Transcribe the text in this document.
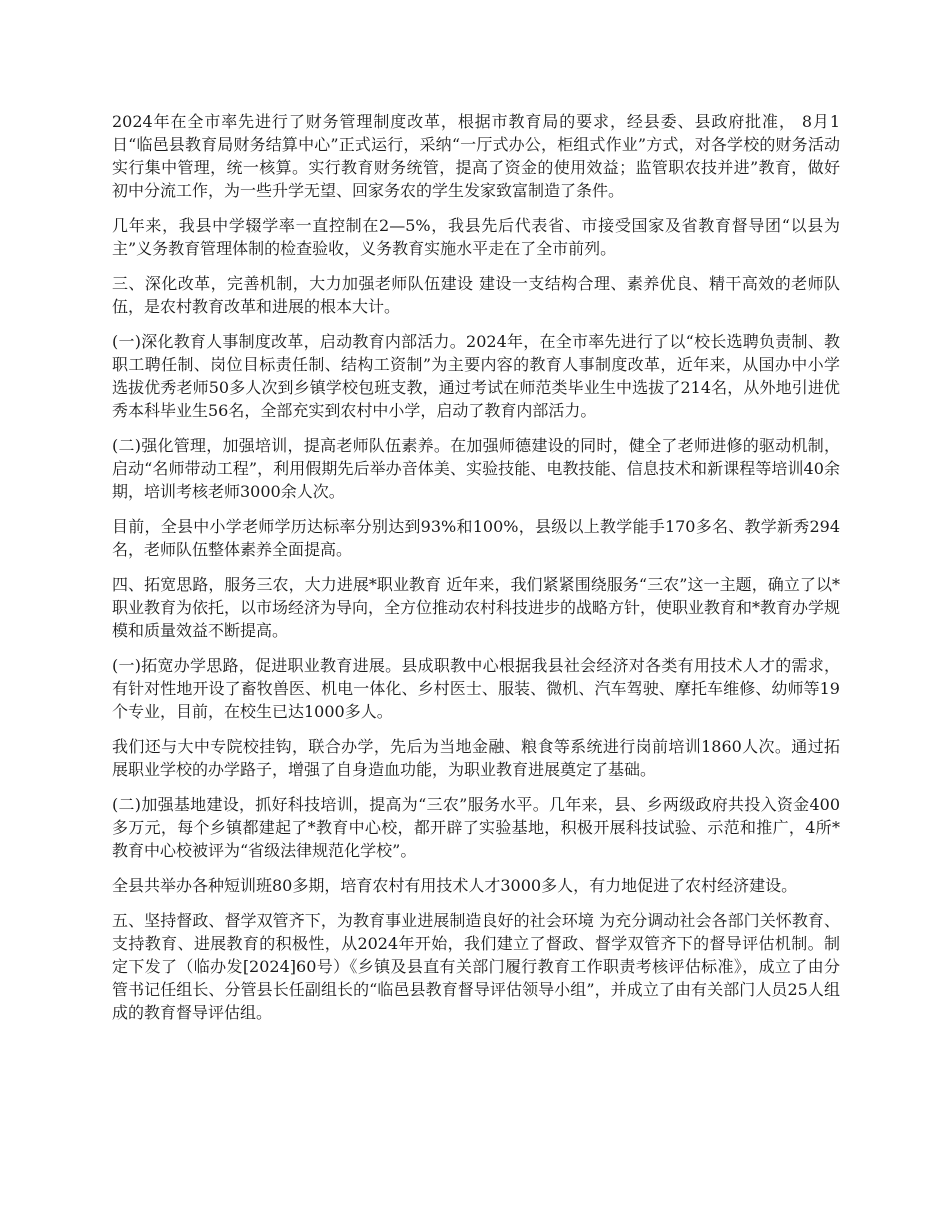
2024年在全市率先进行了财务管理制度改革，根据市教育局的要求，经县委、县政府批准， 8月1日“临邑县教育局财务结算中心”正式运行，采纳“一厅式办公，柜组式作业”方式，对各学校的财务活动实行集中管理，统一核算。实行教育财务统管，提高了资金的使用效益；监管职农技并进”教育，做好初中分流工作，为一些升学无望、回家务农的学生发家致富制造了条件。

几年来，我县中学辍学率一直控制在2—5%，我县先后代表省、市接受国家及省教育督导团“以县为主”义务教育管理体制的检查验收，义务教育实施水平走在了全市前列。

三、深化改革，完善机制，大力加强老师队伍建设 建设一支结构合理、素养优良、精干高效的老师队伍，是农村教育改革和进展的根本大计。

(一)深化教育人事制度改革，启动教育内部活力。2024年，在全市率先进行了以“校长选聘负责制、教职工聘任制、岗位目标责任制、结构工资制”为主要内容的教育人事制度改革，近年来，从国办中小学选拔优秀老师50多人次到乡镇学校包班支教，通过考试在师范类毕业生中选拔了214名，从外地引进优秀本科毕业生56名，全部充实到农村中小学，启动了教育内部活力。

(二)强化管理，加强培训，提高老师队伍素养。在加强师德建设的同时，健全了老师进修的驱动机制，启动“名师带动工程”，利用假期先后举办音体美、实验技能、电教技能、信息技术和新课程等培训40余期，培训考核老师3000余人次。

目前，全县中小学老师学历达标率分别达到93%和100%，县级以上教学能手170多名、教学新秀294名，老师队伍整体素养全面提高。

四、拓宽思路，服务三农，大力进展*职业教育 近年来，我们紧紧围绕服务“三农”这一主题，确立了以*职业教育为依托，以市场经济为导向，全方位推动农村科技进步的战略方针，使职业教育和*教育办学规模和质量效益不断提高。

(一)拓宽办学思路，促进职业教育进展。县成职教中心根据我县社会经济对各类有用技术人才的需求，有针对性地开设了畜牧兽医、机电一体化、乡村医士、服装、微机、汽车驾驶、摩托车维修、幼师等19个专业，目前，在校生已达1000多人。

我们还与大中专院校挂钩，联合办学，先后为当地金融、粮食等系统进行岗前培训1860人次。通过拓展职业学校的办学路子，增强了自身造血功能，为职业教育进展奠定了基础。

(二)加强基地建设，抓好科技培训，提高为“三农”服务水平。几年来，县、乡两级政府共投入资金400多万元，每个乡镇都建起了*教育中心校，都开辟了实验基地，积极开展科技试验、示范和推广，4所*教育中心校被评为“省级法律规范化学校”。

全县共举办各种短训班80多期，培育农村有用技术人才3000多人，有力地促进了农村经济建设。

五、坚持督政、督学双管齐下，为教育事业进展制造良好的社会环境 为充分调动社会各部门关怀教育、支持教育、进展教育的积极性，从2024年开始，我们建立了督政、督学双管齐下的督导评估机制。制定下发了（临办发[2024]60号）《乡镇及县直有关部门履行教育工作职责考核评估标准》，成立了由分管书记任组长、分管县长任副组长的“临邑县教育督导评估领导小组”，并成立了由有关部门人员25人组成的教育督导评估组。
